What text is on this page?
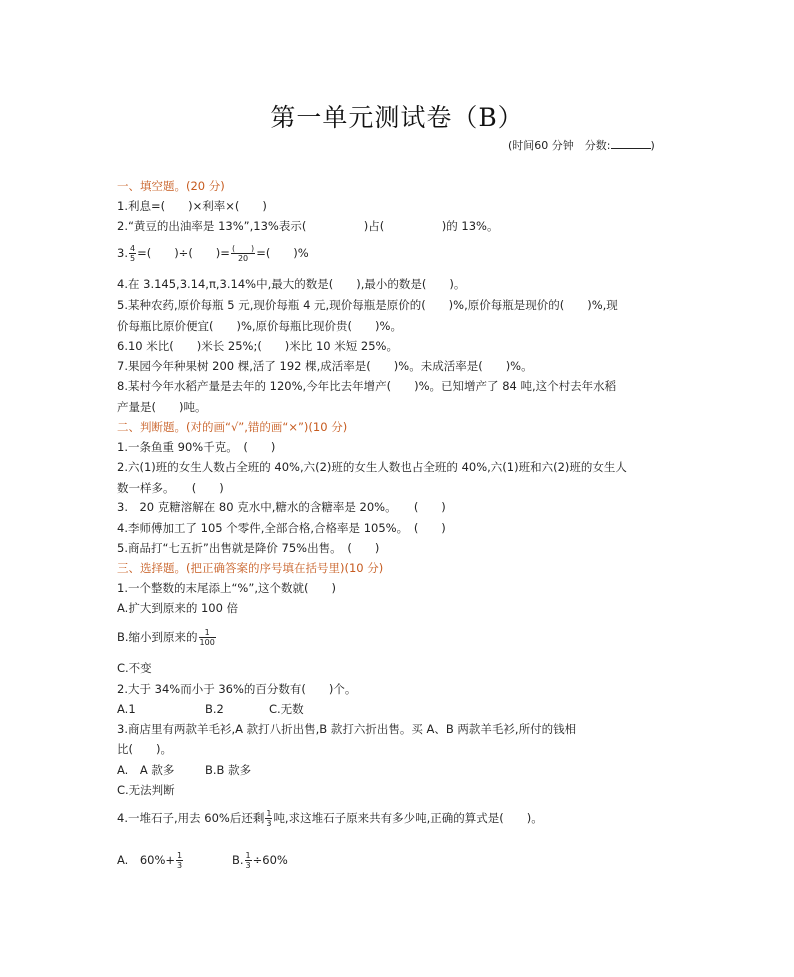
第一单元测试卷（B）
(时间60 分钟　分数:	)
一、填空题。(20 分)
1.利息=(　　)×利率×(　　)
2.“黄豆的出油率是 13%”,13%表示(　　　　　)占(　　　　　)的 13%。
3. $\frac{4}{5}$ =(　　)÷(　　)= $\frac{( )}{20}$ =(　　)%
4.在 3.145,3.14,π,3.14%中,最大的数是(　　),最小的数是(　　)。
5.某种农药,原价每瓶 5 元,现价每瓶 4 元,现价每瓶是原价的(　　)%,原价每瓶是现价的(　　)%,现
价每瓶比原价便宜(　　)%,原价每瓶比现价贵(　　)%。
6.10 米比(　　)米长 25%;(　　)米比 10 米短 25%。
7.果园今年种果树 200 棵,活了 192 棵,成活率是(　　)%。未成活率是(　　)%。
8.某村今年水稻产量是去年的 120%,今年比去年增产(　　)%。已知增产了 84 吨,这个村去年水稻
产量是(　　)吨。
二、判断题。(对的画“√”,错的画“×”)(10 分)
1.一条鱼重 90%千克。　(　　)
2.六(1)班的女生人数占全班的 40%,六(2)班的女生人数也占全班的 40%,六(1)班和六(2)班的女生人
数一样多。　　(　　)
3.　20 克糖溶解在 80 克水中,糖水的含糖率是 20%。　　(　　)
4.李师傅加工了 105 个零件,全部合格,合格率是 105%。　(　　)
5.商品打“七五折”出售就是降价 75%出售。　(　　)
三、选择题。(把正确答案的序号填在括号里)(10 分)
1.一个整数的末尾添上“%”,这个数就(　　)
A.扩大到原来的 100 倍
B.缩小到原来的 $\frac{1}{100}$
C.不变
2.大于 34%而小于 36%的百分数有(　　)个。
A.1	B.2	C.无数
3.商店里有两款羊毛衫,A 款打八折出售,B 款打六折出售。买 A、B 两款羊毛衫,所付的钱相
比(　　)。
A.　A 款多	B.B 款多
C.无法判断
4.一堆石子,用去 60%后还剩 $\frac{1}{3}$ 吨,求这堆石子原来共有多少吨,正确的算式是(　　)。
A.　$60\%+ \frac{1}{3}$	B. $\frac{1}{3} \div 60\%$
